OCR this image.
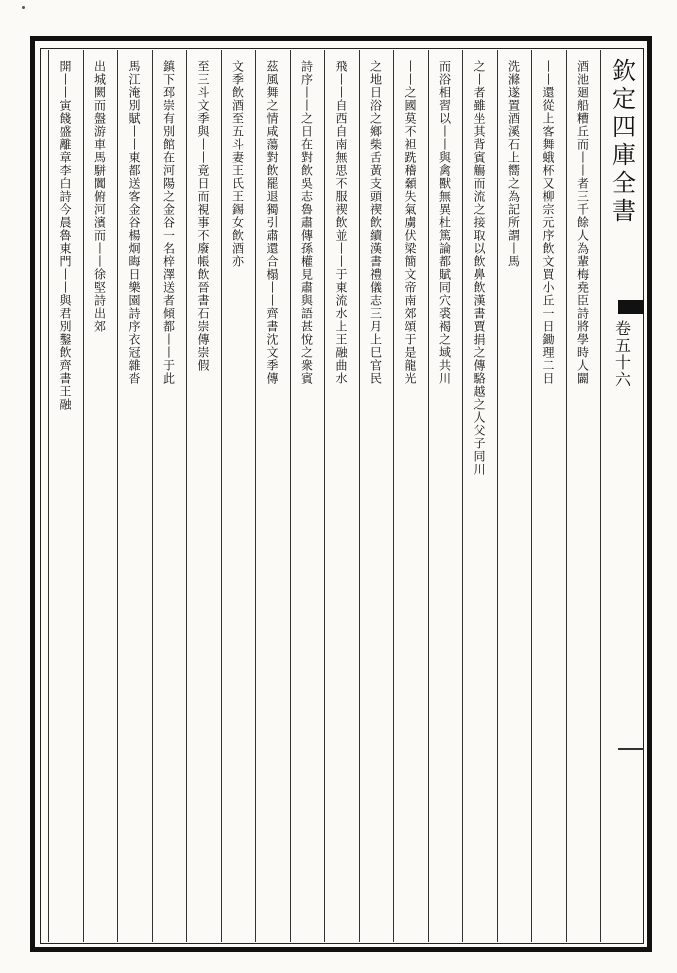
欽定四庫全書
卷五十六
酒池廻船糟丘而丨丨者三千餘人為輩梅堯臣詩將學時人闢
丨丨還從上客舞蛾杯又柳宗元序飲文買小丘一日鋤理二日
洗滌遂置酒溪石上嚮之為記所謂丨馬
之丨者雖坐其背賓觴而流之接取以飲鼻飲漢書賈捐之傳駱越之人父子同川
而浴相習以丨丨與禽獸無異杜篤論都賦同穴裘褐之域共川
丨丨之國莫不袒跣稽顙失氣虜伏梁簡文帝南郊頌于是龍光
之地日浴之鄉柴舌黃支頭禊飲續漢書禮儀志三月上巳官民
飛丨丨自西自南無思不服禊飲並丨丨于東流水上王融曲水
詩序丨丨之日在對飲吳志魯肅傳孫權見肅與語甚悅之衆賓
茲風舞之情咸蕩對飲罷退獨引肅還合榻丨丨齊書沈文季傳
文季飲酒至五斗妻王氏王錫女飲酒亦
至三斗文季與丨丨竟日而視事不廢帳飲晉書石崇傳崇假
鎮下邳崇有別館在河陽之金谷一名梓澤送者傾都丨丨于此
馬江淹別賦丨丨東都送客金谷楊炯晦日樂園詩序衣冠雜沓
出城闕而盤游車馬駢闐俯河濱而丨丨徐堅詩出郊
開丨丨寅餞盛離章李白詩今晨魯東門丨丨與君別鑿飲齊書王融
